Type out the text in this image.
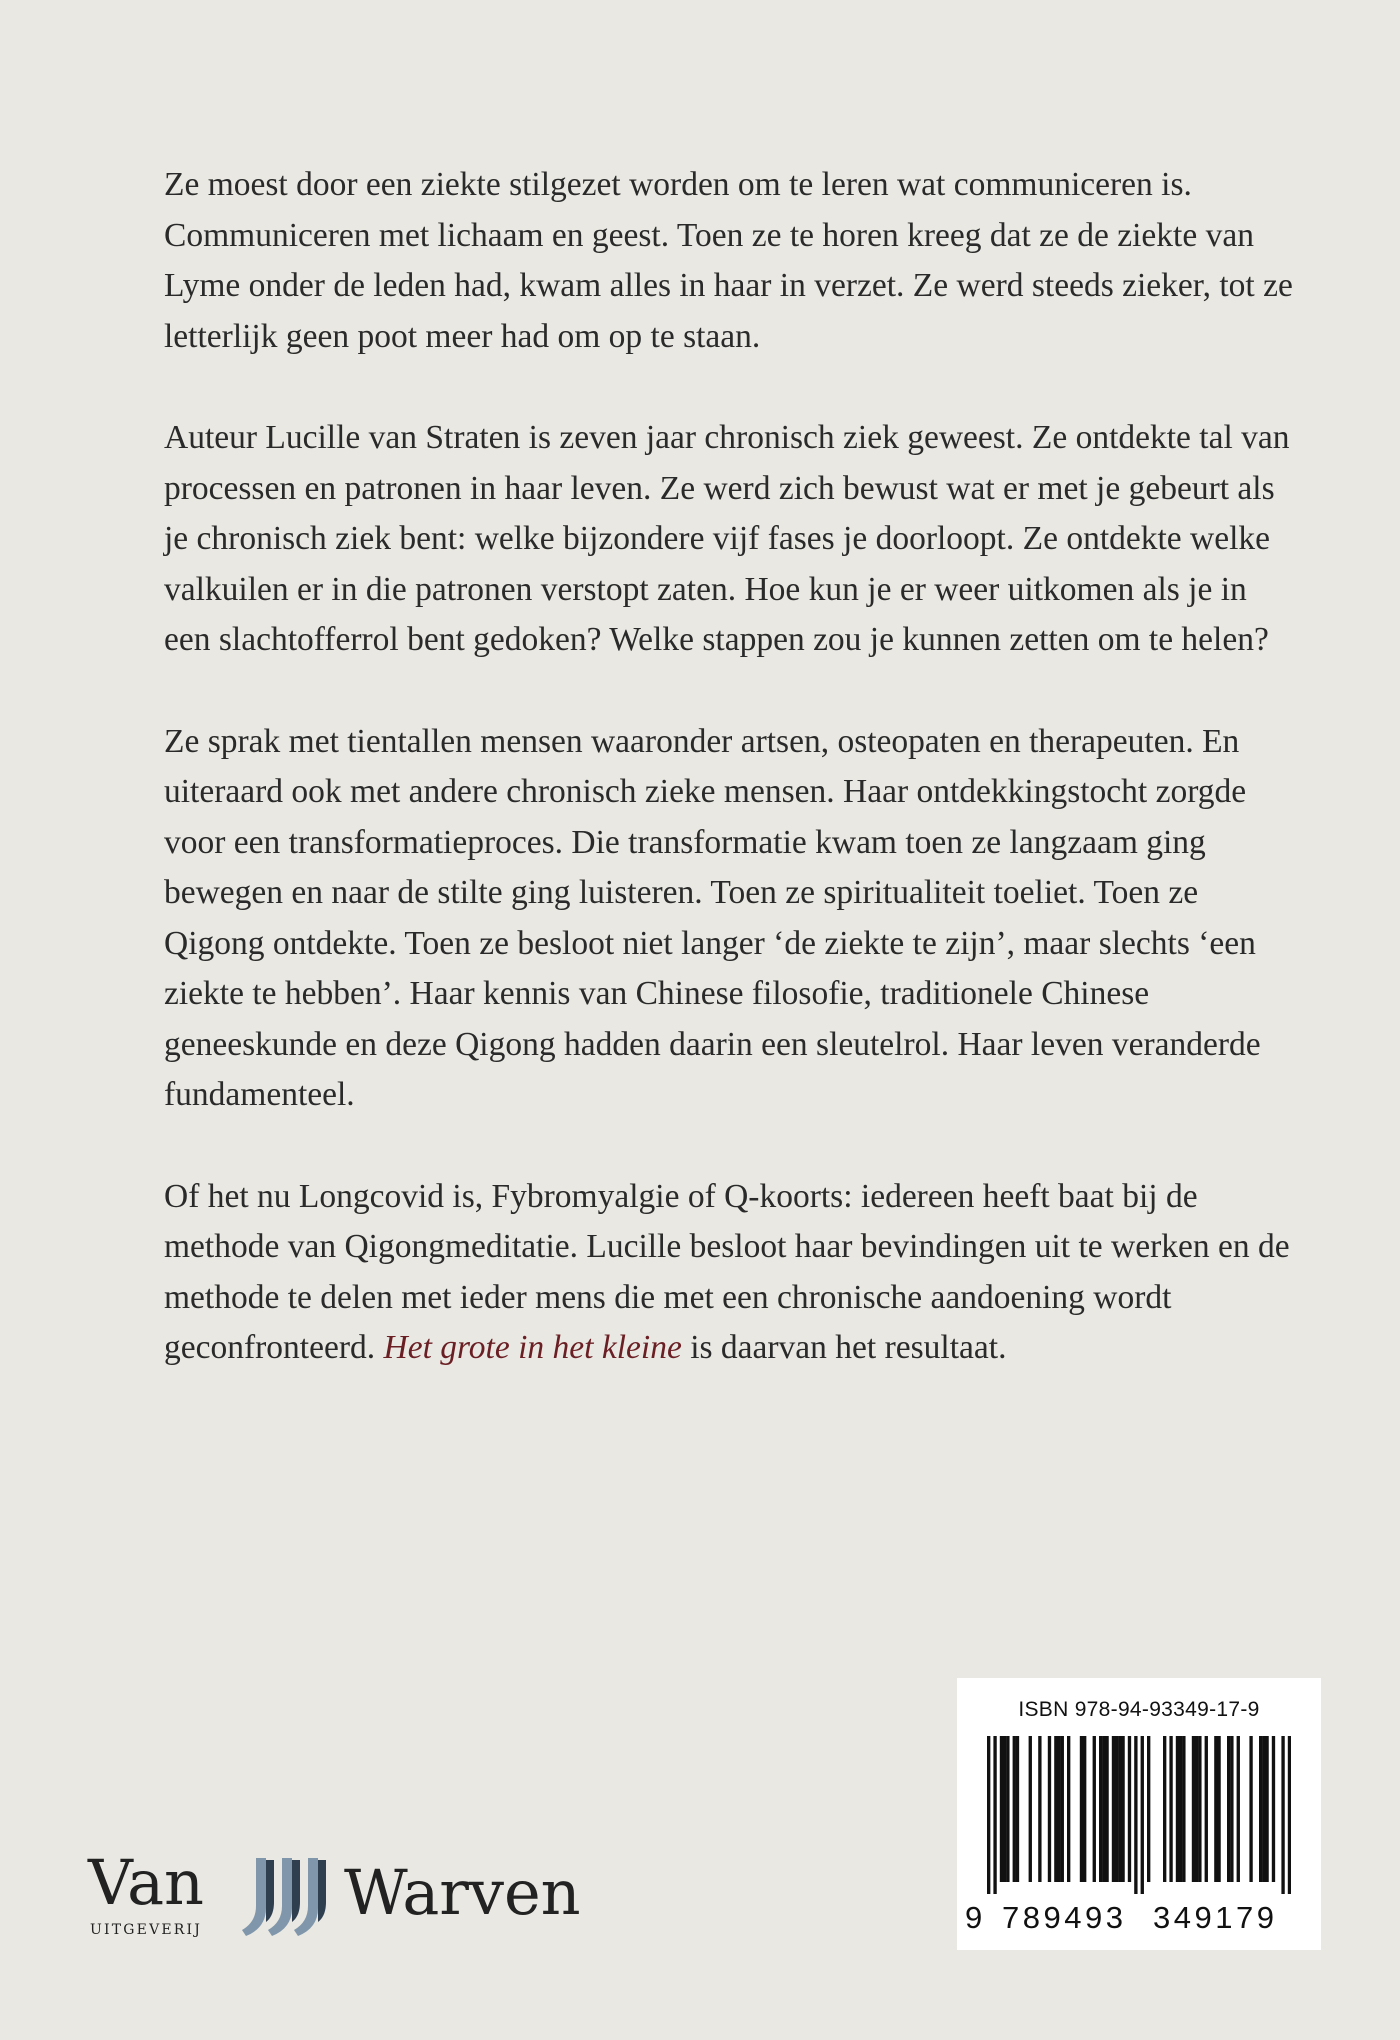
Ze moest door een ziekte stilgezet worden om te leren wat communiceren is. Communiceren met lichaam en geest. Toen ze te horen kreeg dat ze de ziekte van Lyme onder de leden had, kwam alles in haar in verzet. Ze werd steeds zieker, tot ze letterlijk geen poot meer had om op te staan.

Auteur Lucille van Straten is zeven jaar chronisch ziek geweest. Ze ontdekte tal van processen en patronen in haar leven. Ze werd zich bewust wat er met je gebeurt als je chronisch ziek bent: welke bijzondere vijf fases je doorloopt. Ze ontdekte welke valkuilen er in die patronen verstopt zaten. Hoe kun je er weer uitkomen als je in een slachtofferrol bent gedoken? Welke stappen zou je kunnen zetten om te helen?

Ze sprak met tientallen mensen waaronder artsen, osteopaten en therapeuten. En uiteraard ook met andere chronisch zieke mensen. Haar ontdekkingstocht zorgde voor een transformatieproces. Die transformatie kwam toen ze langzaam ging bewegen en naar de stilte ging luisteren. Toen ze spiritualiteit toeliet. Toen ze Qigong ontdekte. Toen ze besloot niet langer ‘de ziekte te zijn’, maar slechts ‘een ziekte te hebben’. Haar kennis van Chinese filosofie, traditionele Chinese geneeskunde en deze Qigong hadden daarin een sleutelrol. Haar leven veranderde fundamenteel.

Of het nu Longcovid is, Fybromyalgie of Q-koorts: iedereen heeft baat bij de methode van Qigongmeditatie. Lucille besloot haar bevindingen uit te werken en de methode te delen met ieder mens die met een chronische aandoening wordt geconfronteerd. Het grote in het kleine is daarvan het resultaat.

ISBN 978-94-93349-17-9
9 789493 349179
Van
UITGEVERIJ
Warven
